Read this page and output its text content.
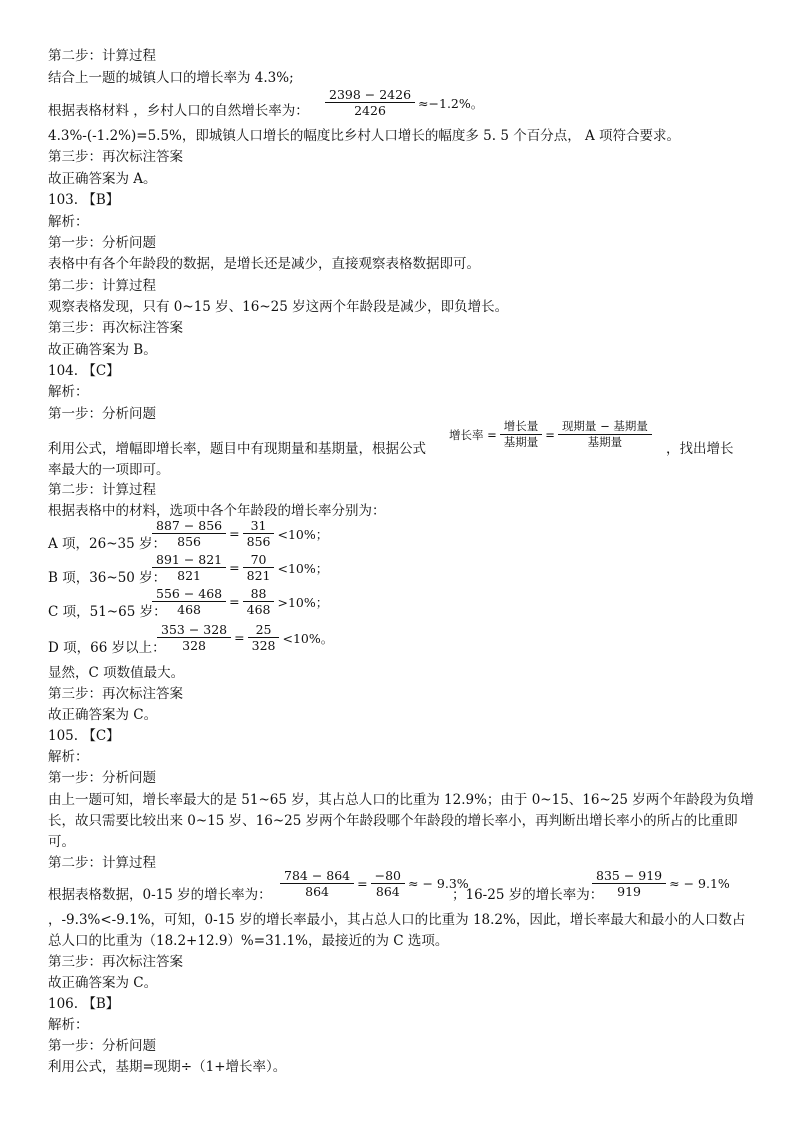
第二步：计算过程
结合上一题的城镇人口的增长率为 4.3%;
根据表格材料 ，乡村人口的自然增长率为： $\frac{2398 - 2426}{2426} \approx-1.2\%$。
4.3%-(-1.2%)=5.5%，即城镇人口增长的幅度比乡村人口增长的幅度多 5. 5 个百分点， A 项符合要求。
第三步：再次标注答案
故正确答案为 A。
103. 【B】
解析：
第一步：分析问题
表格中有各个年龄段的数据，是增长还是减少，直接观察表格数据即可。
第二步：计算过程
观察表格发现，只有 0~15 岁、16~25 岁这两个年龄段是减少，即负增长。
第三步：再次标注答案
故正确答案为 B。
104. 【C】
解析：
第一步：分析问题
利用公式，增幅即增长率，题目中有现期量和基期量，根据公式
增长率 = $\frac{\text{增长量}}{\text{基期量}} = \frac{\text{现期量 − 基期量}}{\text{基期量}}$ ，找出增长
率最大的一项即可。
第二步：计算过程
根据表格中的材料，选项中各个年龄段的增长率分别为：
A 项，26~35 岁：
$\frac{887 - 856}{856} = \frac{31}{856} <10\%$；
B 项，36~50 岁：
$\frac{891 - 821}{821} = \frac{70}{821} <10\%$；
C 项，51~65 岁：
$\frac{556 - 468}{468} = \frac{88}{468} >10\%$；
D 项，66 岁以上：
$\frac{353 - 328}{328} = \frac{25}{328} <10\%$。
显然，C 项数值最大。
第三步：再次标注答案
故正确答案为 C。
105. 【C】
解析：
第一步：分析问题
由上一题可知，增长率最大的是 51~65 岁，其占总人口的比重为 12.9%；由于 0~15、16~25 岁两个年龄段为负增
长，故只需要比较出来 0~15 岁、16~25 岁两个年龄段哪个年龄段的增长率小，再判断出增长率小的所占的比重即
可。
第二步：计算过程
根据表格数据，0-15 岁的增长率为： $\frac{784 - 864}{864} = \frac{-80}{864}$ ≈ − 9.3%
；16-25 岁的增长率为：
$\frac{835 - 919}{919}$ ≈ − 9.1%
，-9.3%<-9.1%，可知，0-15 岁的增长率最小，其占总人口的比重为 18.2%，因此，增长率最大和最小的人口数占
总人口的比重为（18.2+12.9）%=31.1%，最接近的为 C 选项。
第三步：再次标注答案
故正确答案为 C。
106. 【B】
解析：
第一步：分析问题
利用公式，基期=现期÷（1+增长率）。
